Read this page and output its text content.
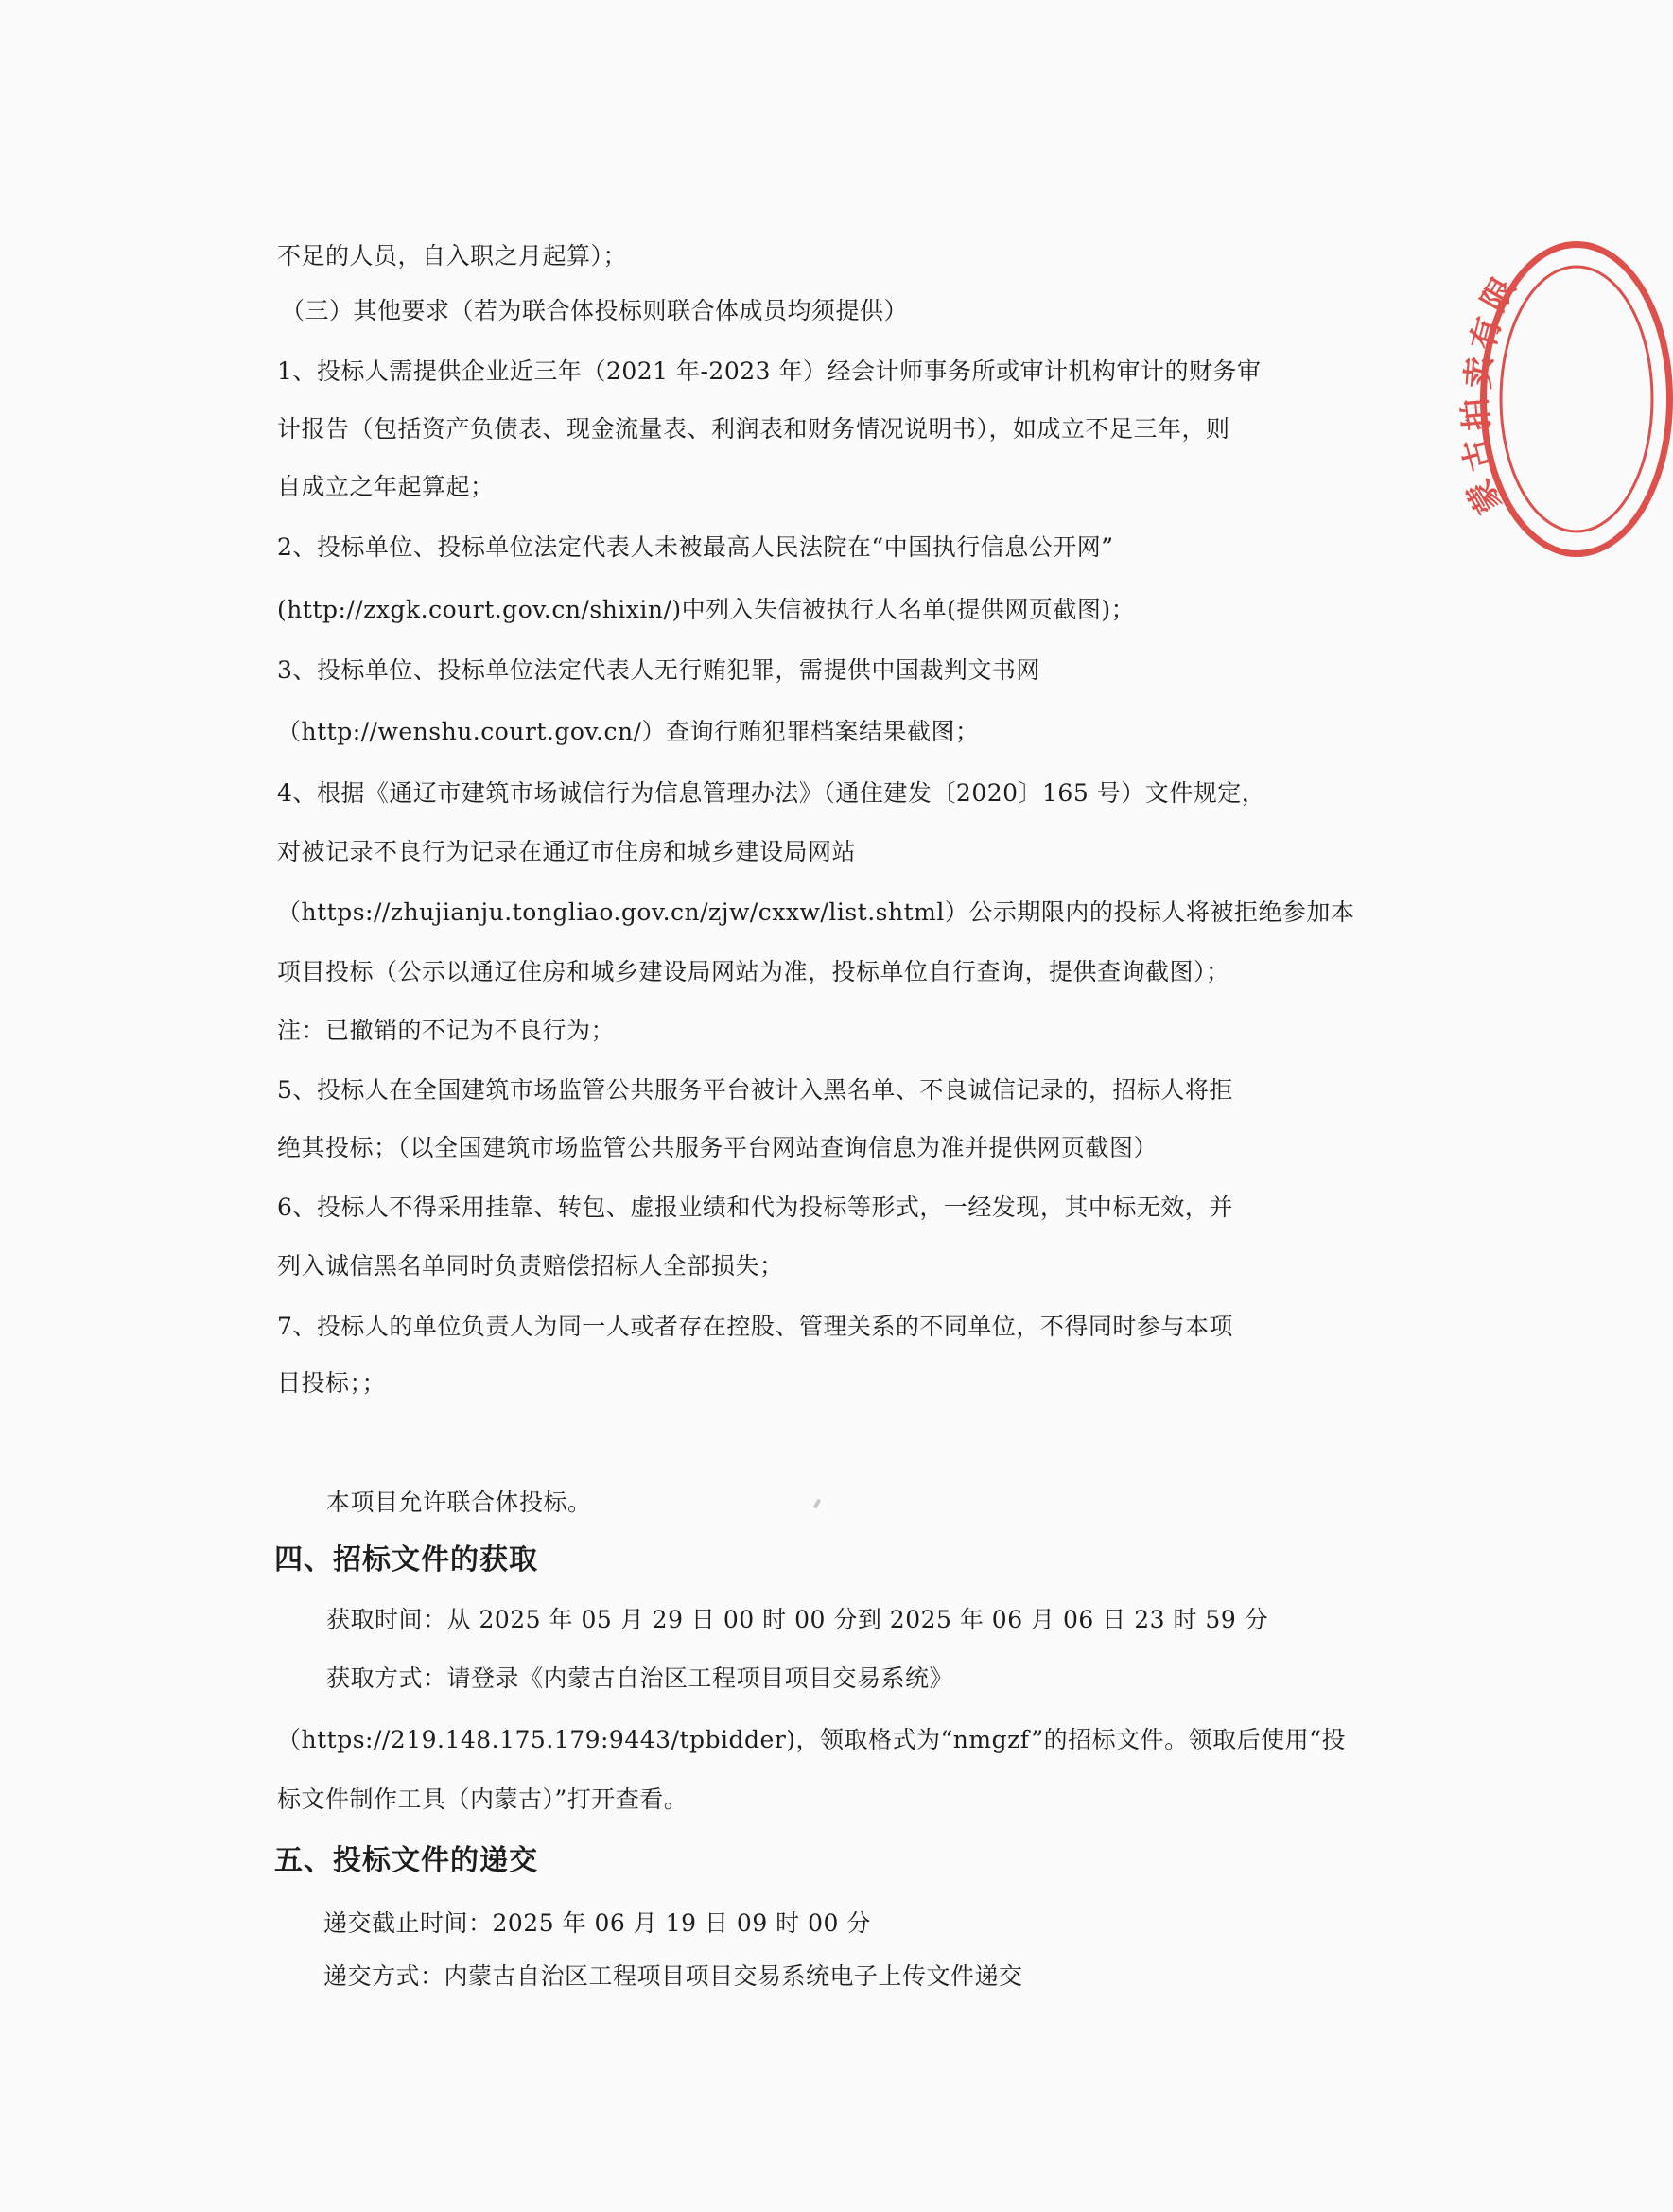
不足的人员，自入职之月起算）；
（三）其他要求（若为联合体投标则联合体成员均须提供）
1、投标人需提供企业近三年（2021 年-2023 年）经会计师事务所或审计机构审计的财务审
计报告（包括资产负债表、现金流量表、利润表和财务情况说明书），如成立不足三年，则
自成立之年起算起；
2、投标单位、投标单位法定代表人未被最高人民法院在“中国执行信息公开网”
(http://zxgk.court.gov.cn/shixin/)中列入失信被执行人名单(提供网页截图)；
3、投标单位、投标单位法定代表人无行贿犯罪，需提供中国裁判文书网
（http://wenshu.court.gov.cn/）查询行贿犯罪档案结果截图；
4、根据《通辽市建筑市场诚信行为信息管理办法》（通住建发〔2020〕165 号）文件规定，
对被记录不良行为记录在通辽市住房和城乡建设局网站
（https://zhujianju.tongliao.gov.cn/zjw/cxxw/list.shtml）公示期限内的投标人将被拒绝参加本
项目投标（公示以通辽住房和城乡建设局网站为准，投标单位自行查询，提供查询截图）；
注：已撤销的不记为不良行为；
5、投标人在全国建筑市场监管公共服务平台被计入黑名单、不良诚信记录的，招标人将拒
绝其投标；（以全国建筑市场监管公共服务平台网站查询信息为准并提供网页截图）
6、投标人不得采用挂靠、转包、虚报业绩和代为投标等形式，一经发现，其中标无效，并
列入诚信黑名单同时负责赔偿招标人全部损失；
7、投标人的单位负责人为同一人或者存在控股、管理关系的不同单位，不得同时参与本项
目投标；；
本项目允许联合体投标。
四、招标文件的获取
获取时间：从 2025 年 05 月 29 日 00 时 00 分到 2025 年 06 月 06 日 23 时 59 分
获取方式：请登录《内蒙古自治区工程项目项目交易系统》
（https://219.148.175.179:9443/tpbidder)，领取格式为“nmgzf”的招标文件。领取后使用“投
标文件制作工具（内蒙古）”打开查看。
五、投标文件的递交
递交截止时间：2025 年 06 月 19 日 09 时 00 分
递交方式：内蒙古自治区工程项目项目交易系统电子上传文件递交
限
有
卖
拍
古
蒙
